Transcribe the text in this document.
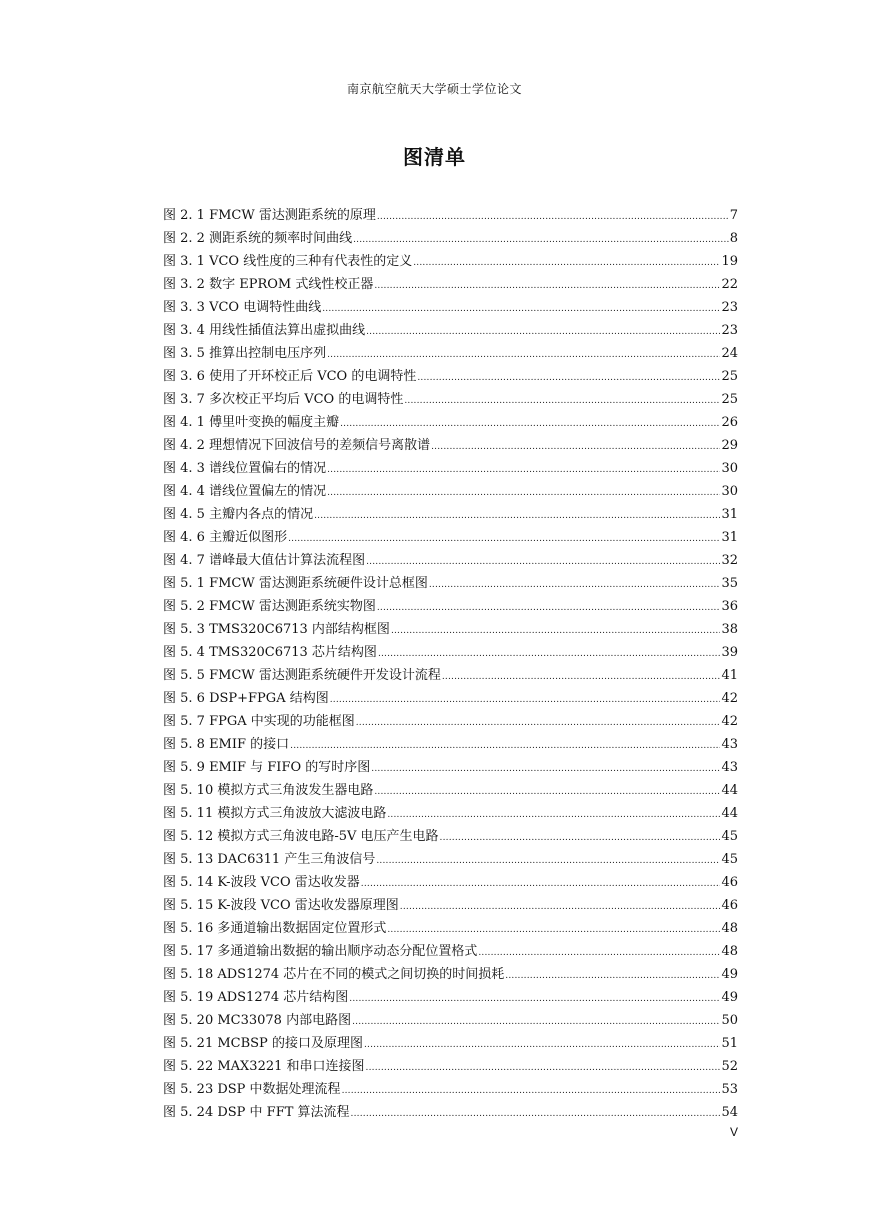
南京航空航天大学硕士学位论文
图清单
图 2. 1 FMCW 雷达测距系统的原理 .....	7
图 2. 2 测距系统的频率时间曲线 .....	8
图 3. 1 VCO 线性度的三种有代表性的定义 .....	19
图 3. 2 数字 EPROM 式线性校正器 .....	22
图 3. 3 VCO 电调特性曲线 .....	23
图 3. 4 用线性插值法算出虚拟曲线 .....	23
图 3. 5 推算出控制电压序列 .....	24
图 3. 6 使用了开环校正后 VCO 的电调特性 .....	25
图 3. 7 多次校正平均后 VCO 的电调特性 .....	25
图 4. 1 傅里叶变换的幅度主瓣 .....	26
图 4. 2 理想情况下回波信号的差频信号离散谱 .....	29
图 4. 3 谱线位置偏右的情况 .....	30
图 4. 4 谱线位置偏左的情况 .....	30
图 4. 5 主瓣内各点的情况 .....	31
图 4. 6 主瓣近似图形 .....	31
图 4. 7 谱峰最大值估计算法流程图 .....	32
图 5. 1 FMCW 雷达测距系统硬件设计总框图 .....	35
图 5. 2 FMCW 雷达测距系统实物图 .....	36
图 5. 3 TMS320C6713 内部结构框图 .....	38
图 5. 4 TMS320C6713 芯片结构图 .....	39
图 5. 5 FMCW 雷达测距系统硬件开发设计流程 .....	41
图 5. 6 DSP+FPGA 结构图 .....	42
图 5. 7 FPGA 中实现的功能框图 .....	42
图 5. 8 EMIF 的接口 .....	43
图 5. 9 EMIF 与 FIFO 的写时序图 .....	43
图 5. 10 模拟方式三角波发生器电路 .....	44
图 5. 11 模拟方式三角波放大滤波电路 .....	44
图 5. 12 模拟方式三角波电路-5V 电压产生电路 .....	45
图 5. 13 DAC6311 产生三角波信号 .....	45
图 5. 14 K-波段 VCO 雷达收发器 .....	46
图 5. 15 K-波段 VCO 雷达收发器原理图 .....	46
图 5. 16 多通道输出数据固定位置形式 .....	48
图 5. 17 多通道输出数据的输出顺序动态分配位置格式 .....	48
图 5. 18 ADS1274 芯片在不同的模式之间切换的时间损耗 .....	49
图 5. 19 ADS1274 芯片结构图 .....	49
图 5. 20 MC33078 内部电路图 .....	50
图 5. 21 MCBSP 的接口及原理图 .....	51
图 5. 22 MAX3221 和串口连接图 .....	52
图 5. 23 DSP 中数据处理流程 .....	53
图 5. 24 DSP 中 FFT 算法流程 .....	54
V
